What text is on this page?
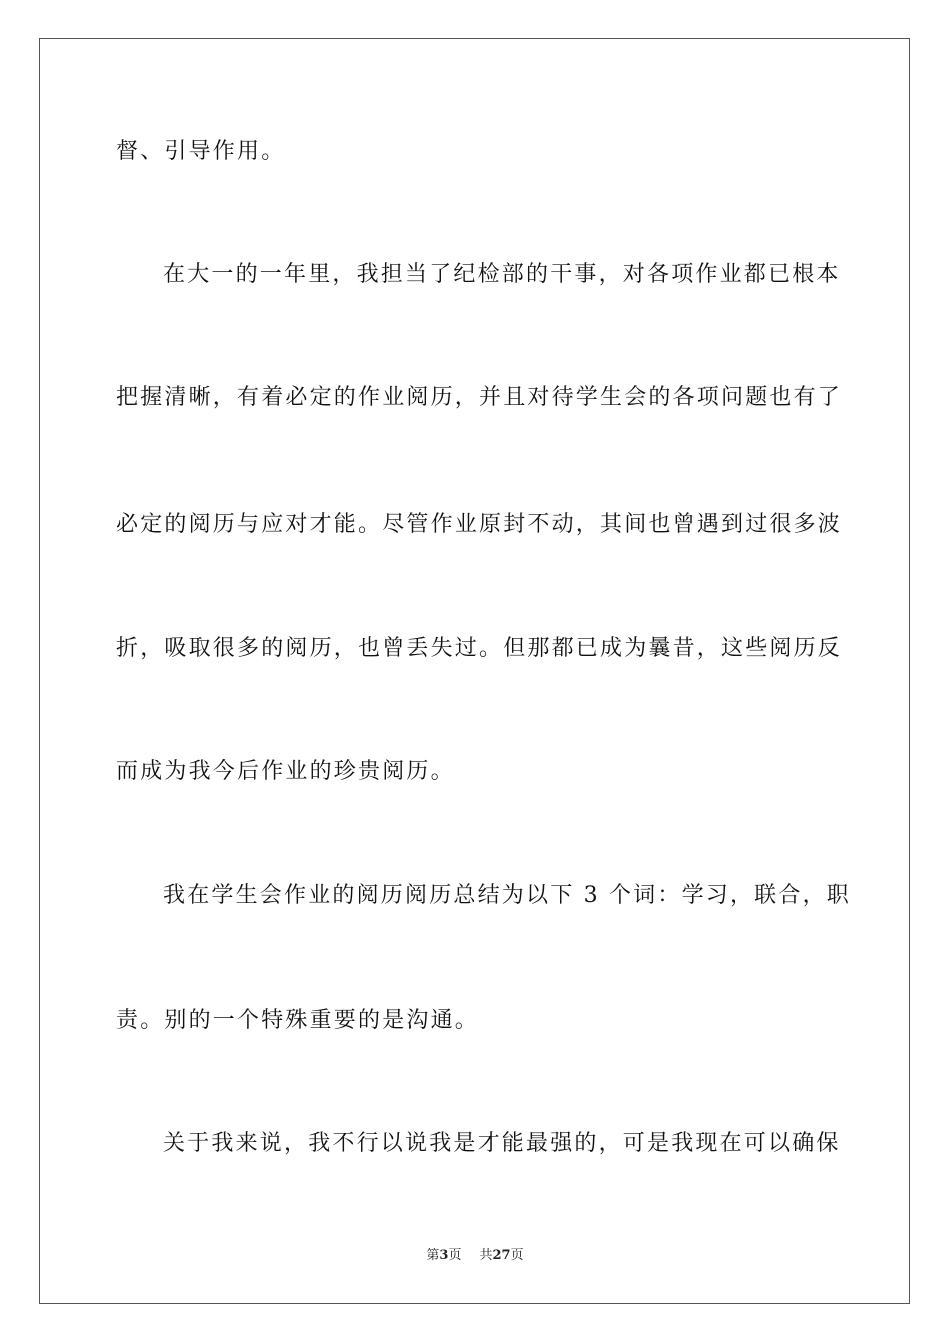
督、引导作用。

在大一的一年里，我担当了纪检部的干事，对各项作业都已根本

把握清晰，有着必定的作业阅历，并且对待学生会的各项问题也有了

必定的阅历与应对才能。尽管作业原封不动，其间也曾遇到过很多波

折，吸取很多的阅历，也曾丢失过。但那都已成为曩昔，这些阅历反

而成为我今后作业的珍贵阅历。

我在学生会作业的阅历阅历总结为以下 3 个词：学习，联合，职

责。别的一个特殊重要的是沟通。

关于我来说，我不行以说我是才能最强的，可是我现在可以确保

第3页 共27页
